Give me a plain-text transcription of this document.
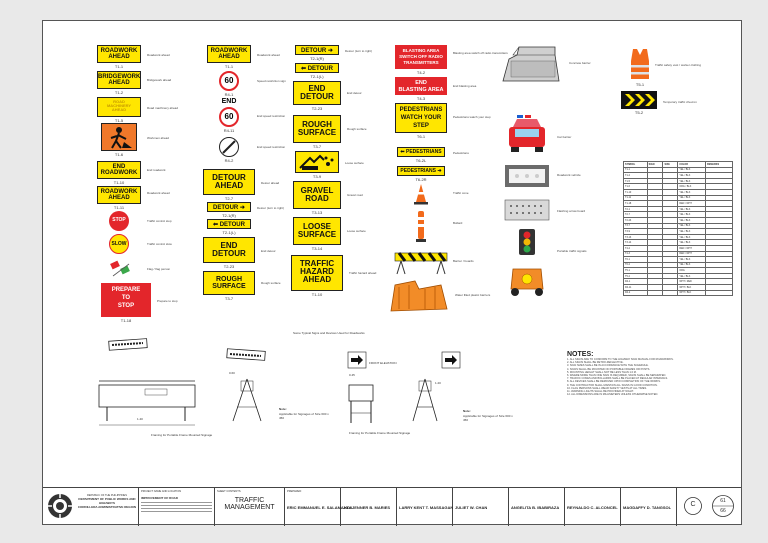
ROADWORK
AHEAD
T1-1
Roadwork ahead
BRIDGEWORK
AHEAD
T1-2
Bridgework ahead
ROAD
MACHINERY
AHEAD
T1-5
Road machinery ahead
T1-6
Workmen ahead
END
ROADWORK
T1-10
End roadwork
ROADWORK
AHEAD
T1-11
Roadwork ahead
STOP	Traffic control stop
SLOW	Traffic control slow
Flag / flag person
PREPARE
TO
STOP
T1-18
Prepare to stop
ROADWORK
AHEAD
T1-1
Roadwork ahead
60
R4-1
Speed restriction sign
END
60
R4-11
End speed restriction
R4-2
End speed restriction
DETOUR
AHEAD
T2-7
Detour ahead
DETOUR ➜
T2-1(R)
Detour (turn to right)
⬅ DETOUR
T2-1(L)
END
DETOUR
T2-23
End detour
ROUGH
SURFACE
T3-7
Rough surface
DETOUR ➜
T2-1(R)
Detour (turn to right)
⬅ DETOUR
T2-1(L)
END
DETOUR
T2-23
End detour
ROUGH
SURFACE
T3-7
Rough surface
T3-9
Loose surface
GRAVEL
ROAD
T3-13
Gravel road
LOOSE
SURFACE
T3-14
Loose surface
TRAFFIC
HAZARD
AHEAD
T1-10
Traffic hazard ahead
BLASTING AREA
SWITCH OFF RADIO
TRANSMITTERS
T4-2
Blasting area switch off radio transmitters
END
BLASTING AREA
T4-3
End blasting area
PEDESTRIANS
WATCH YOUR
STEP
T6-1
Pedestrians watch your step
⬅ PEDESTRIANS
T6-2L
Pedestrians
PEDESTRIANS ➜
T6-2R
Traffic cone
Bollard
Barrier / boards
Water filled plastic barriers
Concrete barrier
Car barrier
Roadwork vehicle
Flashing arrow board
Portable traffic signals
Traffic safety vest / worker clothing
T5-1
T5-2
Temporary traffic chevron
SYMBOL	SIGN	SIZE	COLOR	REMARKS
T1-1			YEL / BLK	
T1-2			YEL / BLK	
T1-5			YEL / BLK	
T1-6			ORG / BLK	
T1-10			YEL / BLK	
T1-11			YEL / BLK	
T1-18			RED / WHT	
T2-1			YEL / BLK	
T2-7			YEL / BLK	
T2-23			YEL / BLK	
T3-7			YEL / BLK	
T3-9			YEL / BLK	
T3-13			YEL / BLK	
T3-14			YEL / BLK	
T4-2			RED / WHT	
T4-3			RED / WHT	
T6-1			YEL / BLK	
T6-2			YEL / BLK	
T5-1			ORG	
T5-2			YEL / BLK	
R4-1			WHT / RED	
R4-11			WHT / BLK	
R4-2			WHT / BLK	
Some Typical Signs and Devices Used for Roadworks
1.40
0.60
Framing for Portable Frame Mounted Signage
Note:
Applicable for Signages of Size 600 x 450
0.45
FRONT ELEVATION
1.20
Framing for Portable Frame Mounted Signage
Note:
Applicable for Signages of Size 600 x 450
NOTES:

1. ALL SIGNS ARE TO CONFORM TO THE HIGHWAY SIGN MANUAL FOR ROADWORKS.

2. ALL SIGNS SHALL BE RETRO-REFLECTIVE.

3. SIGN SIZES SHALL BE IN ACCORDANCE WITH THE SCHEDULE.

4. SIGNS SHALL BE MOUNTED ON PORTABLE FRAMES OR POSTS.

5. MOUNTING HEIGHT SHALL NOT BE LESS THAN 1.0 M.

6. WHERE MORE THAN ONE SIGN IS REQUIRED, SIGNS SHALL BE SEPARATED.

7. TRAFFIC CONES AND BOLLARDS SHALL BE PLACED AT REGULAR INTERVALS.

8. ALL DEVICES SHALL BE REMOVED UPON COMPLETION OF THE WORKS.

9. THE CONTRACTOR SHALL MAINTAIN ALL SIGNS IN GOOD CONDITION.

10. FLAG PERSONS SHALL WEAR SAFETY VESTS AT ALL TIMES.

11. WARNING LIGHTS SHALL BE PROVIDED AT NIGHT.

12. ALL DIMENSIONS ARE IN MILLIMETERS UNLESS OTHERWISE NOTED.

REPUBLIC OF THE PHILIPPINES
DEPARTMENT OF PUBLIC WORKS AND HIGHWAYS
CORDILLERA ADMINISTRATIVE REGION
PROJECT NAME AND LOCATION
IMPROVEMENT OF ROAD
SHEET CONTENTS
TRAFFIC
MANAGEMENT
PREPARED:
ERIC EMMANUEL E. SALAMANCA
JOY JENNER B. MARIES	LARRY KENT T. MASSAGAN JULIET W. CHAN	ANGELITA B. IBABIRAZA	REYNALDO C. ALCONCEL MAGDAFFY D. TANGSOL	C	61
66
